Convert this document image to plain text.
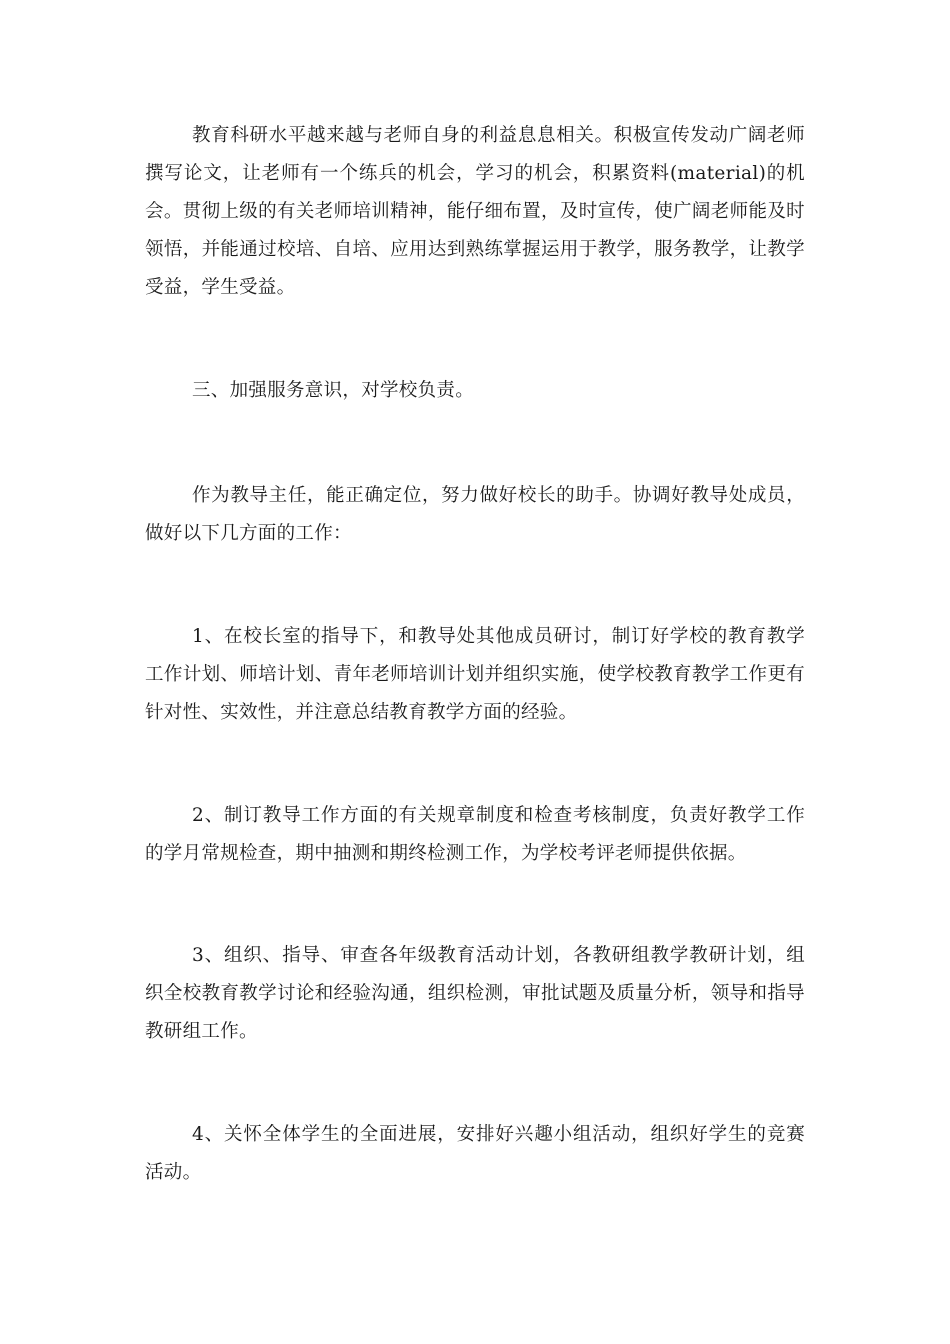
教育科研水平越来越与老师自身的利益息息相关。积极宣传发动广阔老师撰写论文，让老师有一个练兵的机会，学习的机会，积累资料(material)的机会。贯彻上级的有关老师培训精神，能仔细布置，及时宣传，使广阔老师能及时领悟，并能通过校培、自培、应用达到熟练掌握运用于教学，服务教学，让教学受益，学生受益。

三、加强服务意识，对学校负责。

作为教导主任，能正确定位，努力做好校长的助手。协调好教导处成员，做好以下几方面的工作：

1、在校长室的指导下，和教导处其他成员研讨，制订好学校的教育教学工作计划、师培计划、青年老师培训计划并组织实施，使学校教育教学工作更有针对性、实效性，并注意总结教育教学方面的经验。

2、制订教导工作方面的有关规章制度和检查考核制度，负责好教学工作的学月常规检查，期中抽测和期终检测工作，为学校考评老师提供依据。

3、组织、指导、审查各年级教育活动计划，各教研组教学教研计划，组织全校教育教学讨论和经验沟通，组织检测，审批试题及质量分析，领导和指导教研组工作。

4、关怀全体学生的全面进展，安排好兴趣小组活动，组织好学生的竞赛活动。
